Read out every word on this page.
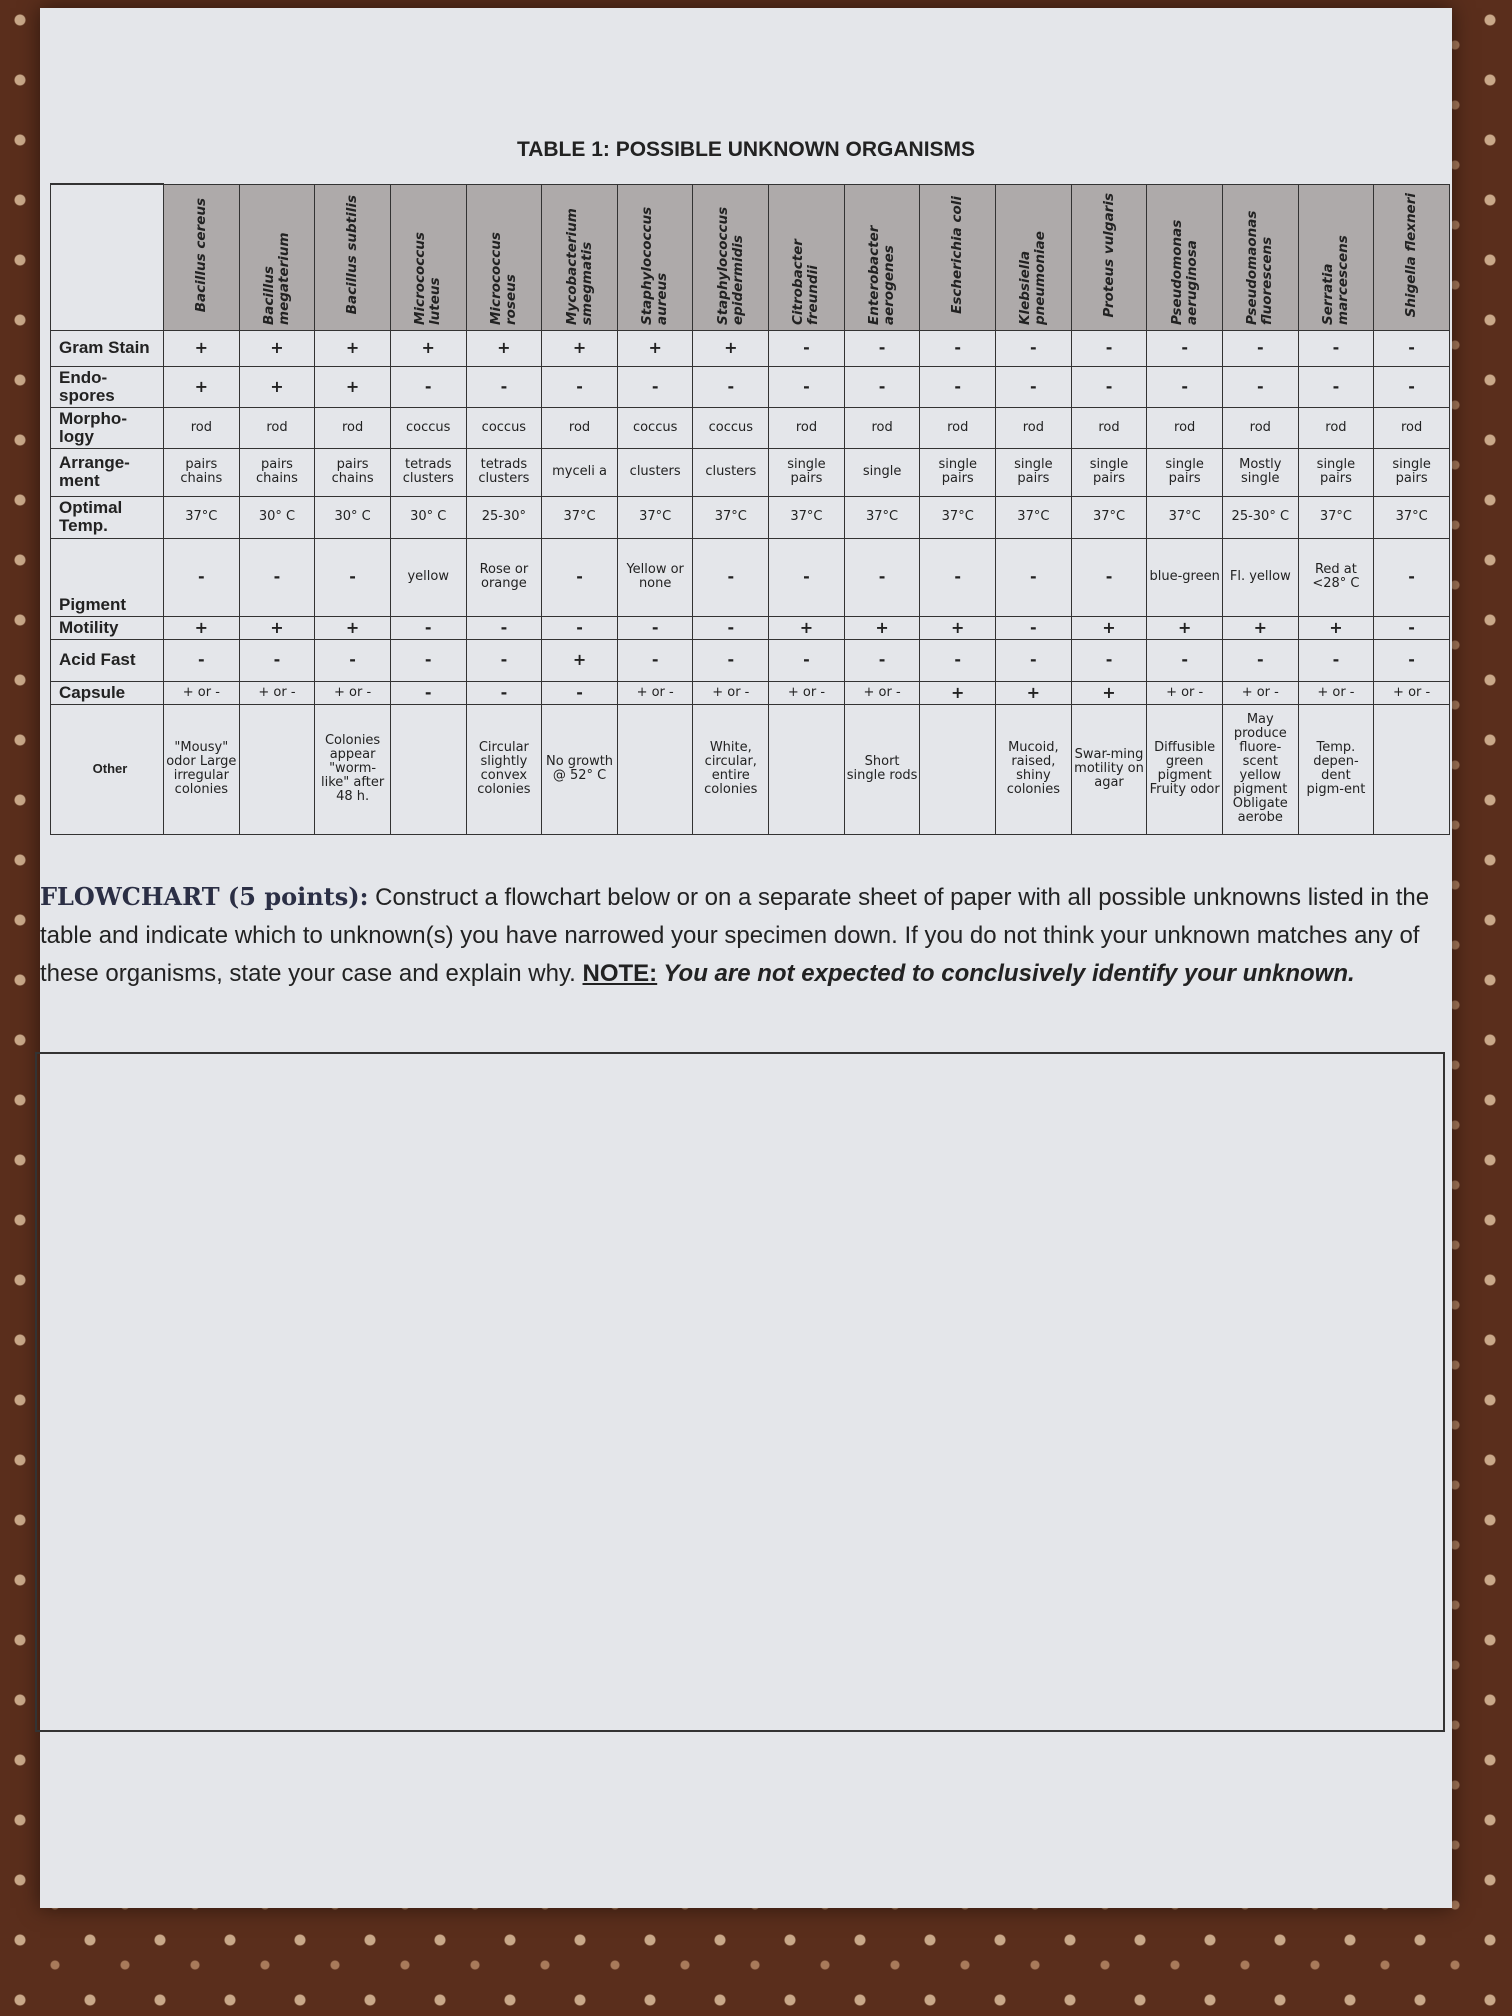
TABLE 1: POSSIBLE UNKNOWN ORGANISMS
	Bacillus cereus	Bacillus megaterium	Bacillus subtilis	Micrococcus luteus	Micrococcus roseus	Mycobacterium smegmatis	Staphylococcus aureus	Staphylococcus epidermidis	Citrobacter freundii	Enterobacter aerogenes	Escherichia coli	Klebsiella pneumoniae	Proteus vulgaris	Pseudomonas aeruginosa	Pseudomaonas fluorescens	Serratia marcescens	Shigella flexneri
Gram Stain	+	+	+	+	+	+	+	+	-	-	-	-	-	-	-	-	-
Endo-spores	+	+	+	-	-	-	-	-	-	-	-	-	-	-	-	-	-
Morpho-logy	rod	rod	rod	coccus	coccus	rod	coccus	coccus	rod	rod	rod	rod	rod	rod	rod	rod	rod
Arrange-ment	pairs chains	pairs chains	pairs chains	tetrads clusters	tetrads clusters	myceli a	clusters	clusters	single pairs	single	single pairs	single pairs	single pairs	single pairs	Mostly single	single pairs	single pairs
Optimal Temp.	37°C	30° C	30° C	30° C	25-30°	37°C	37°C	37°C	37°C	37°C	37°C	37°C	37°C	37°C	25-30° C	37°C	37°C
Pigment	-	-	-	yellow	Rose or orange	-	Yellow or none	-	-	-	-	-	-	blue-green	Fl. yellow	Red at <28° C	-
Motility	+	+	+	-	-	-	-	-	+	+	+	-	+	+	+	+	-
Acid Fast	-	-	-	-	-	+	-	-	-	-	-	-	-	-	-	-	-
Capsule	+ or -	+ or -	+ or -	-	-	-	+ or -	+ or -	+ or -	+ or -	+	+	+	+ or -	+ or -	+ or -	+ or -
Other	"Mousy" odor Large irregular colonies		Colonies appear "worm-like" after 48 h.		Circular slightly convex colonies	No growth @ 52° C		White, circular, entire colonies		Short single rods		Mucoid, raised, shiny colonies	Swar-ming motility on agar	Diffusible green pigment Fruity odor	May produce fluore-scent yellow pigment Obligate aerobe	Temp. depen-dent pigm-ent	
FLOWCHART (5 points): Construct a flowchart below or on a separate sheet of paper with all possible unknowns listed in the table and indicate which to unknown(s) you have narrowed your specimen down. If you do not think your unknown matches any of these organisms, state your case and explain why. NOTE: You are not expected to conclusively identify your unknown.
